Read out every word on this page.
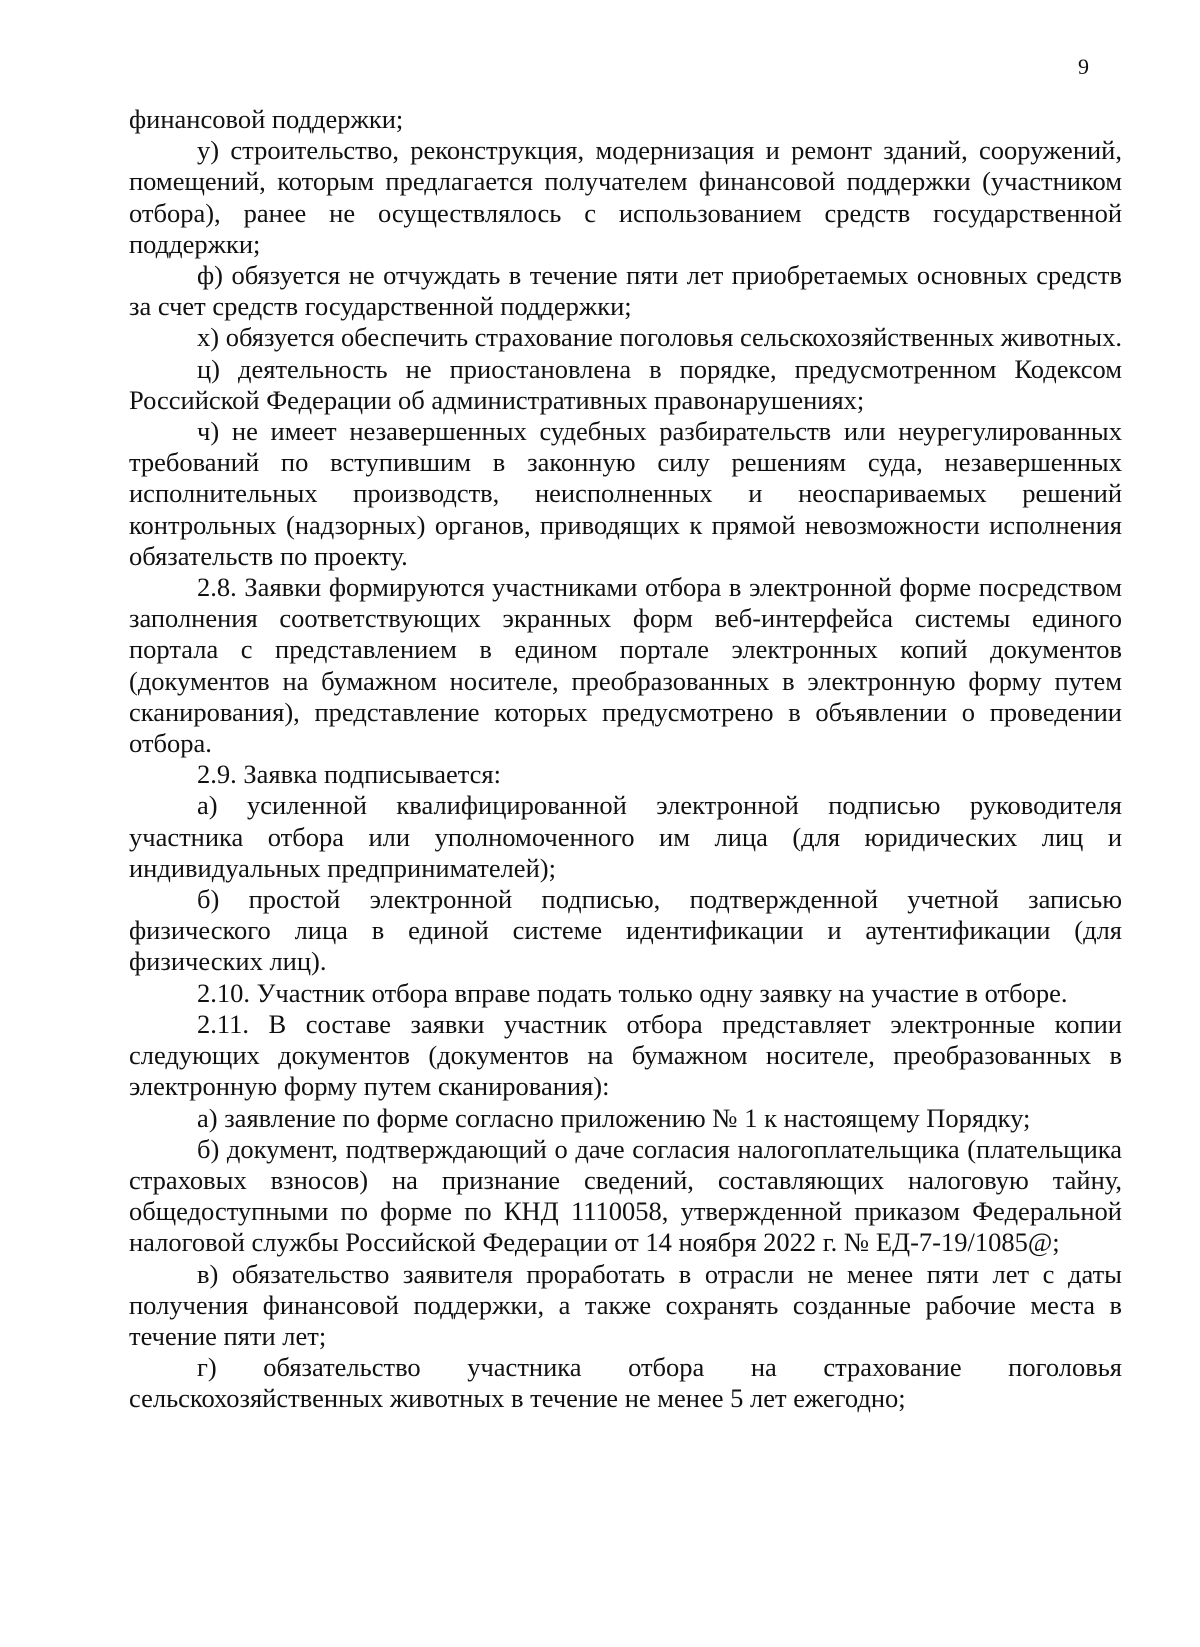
9

финансовой поддержки;

у) строительство, реконструкция, модернизация и ремонт зданий, сооружений, помещений, которым предлагается получателем финансовой поддержки (участником отбора), ранее не осуществлялось с использованием средств государственной поддержки;

ф) обязуется не отчуждать в течение пяти лет приобретаемых основных средств за счет средств государственной поддержки;

х) обязуется обеспечить страхование поголовья сельскохозяйственных животных.

ц) деятельность не приостановлена в порядке, предусмотренном Кодексом Российской Федерации об административных правонарушениях;

ч) не имеет незавершенных судебных разбирательств или неурегулированных требований по вступившим в законную силу решениям суда, незавершенных исполнительных производств, неисполненных и неоспариваемых решений контрольных (надзорных) органов, приводящих к прямой невозможности исполнения обязательств по проекту.

2.8. Заявки формируются участниками отбора в электронной форме посредством заполнения соответствующих экранных форм веб-интерфейса системы единого портала с представлением в едином портале электронных копий документов (документов на бумажном носителе, преобразованных в электронную форму путем сканирования), представление которых предусмотрено в объявлении о проведении отбора.

2.9. Заявка подписывается:

а) усиленной квалифицированной электронной подписью руководителя участника отбора или уполномоченного им лица (для юридических лиц и индивидуальных предпринимателей);

б) простой электронной подписью, подтвержденной учетной записью физического лица в единой системе идентификации и аутентификации (для физических лиц).

2.10. Участник отбора вправе подать только одну заявку на участие в отборе.

2.11. В составе заявки участник отбора представляет электронные копии следующих документов (документов на бумажном носителе, преобразованных в электронную форму путем сканирования):

а) заявление по форме согласно приложению № 1 к настоящему Порядку;

б) документ, подтверждающий о даче согласия налогоплательщика (плательщика страховых взносов) на признание сведений, составляющих налоговую тайну, общедоступными по форме по КНД 1110058, утвержденной приказом Федеральной налоговой службы Российской Федерации от 14 ноября 2022 г. № ЕД-7-19/1085@;

в) обязательство заявителя проработать в отрасли не менее пяти лет с даты получения финансовой поддержки, а также сохранять созданные рабочие места в течение пяти лет;

г) обязательство участника отбора на страхование поголовья сельскохозяйственных животных в течение не менее 5 лет ежегодно;
